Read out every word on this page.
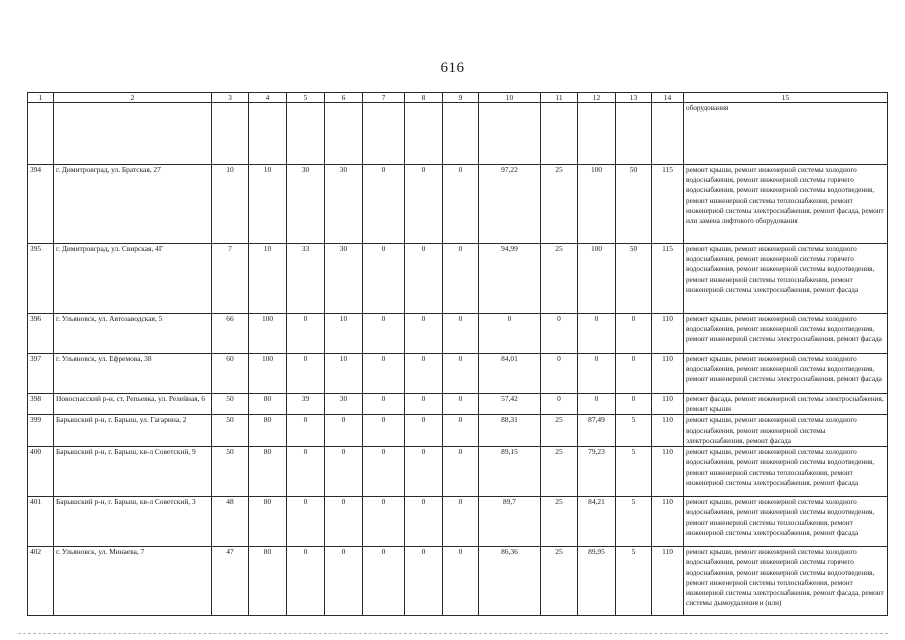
616
1	2	3	4	5	6	7	8	9	10	11	12	13	14	15
														оборудования
394	г. Димитровград, ул. Братская, 27	10	10	30	30	0	0	0	97,22	25	100	50	115	ремонт крыши, ремонт инженерной системы холодного водоснабжения, ремонт инженерной системы горячего водоснабжения, ремонт инженерной системы водоотведения, ремонт инженерной системы теплоснабжения, ремонт инженерной системы электроснабжения, ремонт фасада, ремонт или замена лифтового оборудования
395	г. Димитровград, ул. Свирская, 4Г	7	10	33	30	0	0	0	94,99	25	100	50	115	ремонт крыши, ремонт инженерной системы холодного водоснабжения, ремонт инженерной системы горячего водоснабжения, ремонт инженерной системы водоотведения, ремонт инженерной системы теплоснабжения, ремонт инженерной системы электроснабжения, ремонт фасада
396	г. Ульяновск, ул. Автозаводская, 5	66	100	0	10	0	0	0	0	0	0	0	110	ремонт крыши, ремонт инженерной системы холодного водоснабжения, ремонт инженерной системы водоотведения, ремонт инженерной системы электроснабжения, ремонт фасада
397	г. Ульяновск, ул. Ефремова, 38	60	100	0	10	0	0	0	84,01	0	0	0	110	ремонт крыши, ремонт инженерной системы холодного водоснабжения, ремонт инженерной системы водоотведения, ремонт инженерной системы электроснабжения, ремонт фасада
398	Новоспасский р-н, ст. Репьевка, ул. Релейная, 6	50	80	39	30	0	0	0	57,42	0	0	0	110	ремонт фасада, ремонт инженерной системы электроснабжения, ремонт крыши
399	Барышский р-н, г. Барыш, ул. Гагарина, 2	50	80	0	0	0	0	0	88,31	25	87,49	5	110	ремонт крыши, ремонт инженерной системы холодного водоснабжения, ремонт инженерной системы электроснабжения, ремонт фасада
400	Барышский р-н, г. Барыш, кв-л Советский, 9	50	80	0	0	0	0	0	89,15	25	79,23	5	110	ремонт крыши, ремонт инженерной системы холодного водоснабжения, ремонт инженерной системы водоотведения, ремонт инженерной системы теплоснабжения, ремонт инженерной системы электроснабжения, ремонт фасада
401	Барышский р-н, г. Барыш, кв-л Советский, 3	48	80	0	0	0	0	0	89,7	25	84,21	5	110	ремонт крыши, ремонт инженерной системы холодного водоснабжения, ремонт инженерной системы водоотведения, ремонт инженерной системы теплоснабжения, ремонт инженерной системы электроснабжения, ремонт фасада
402	г. Ульяновск, ул. Минаева, 7	47	80	0	0	0	0	0	86,36	25	89,95	5	110	ремонт крыши, ремонт инженерной системы холодного водоснабжения, ремонт инженерной системы горячего водоснабжения, ремонт инженерной системы водоотведения, ремонт инженерной системы теплоснабжения, ремонт инженерной системы электроснабжения, ремонт фасада, ремонт системы дымоудаления и (или)
